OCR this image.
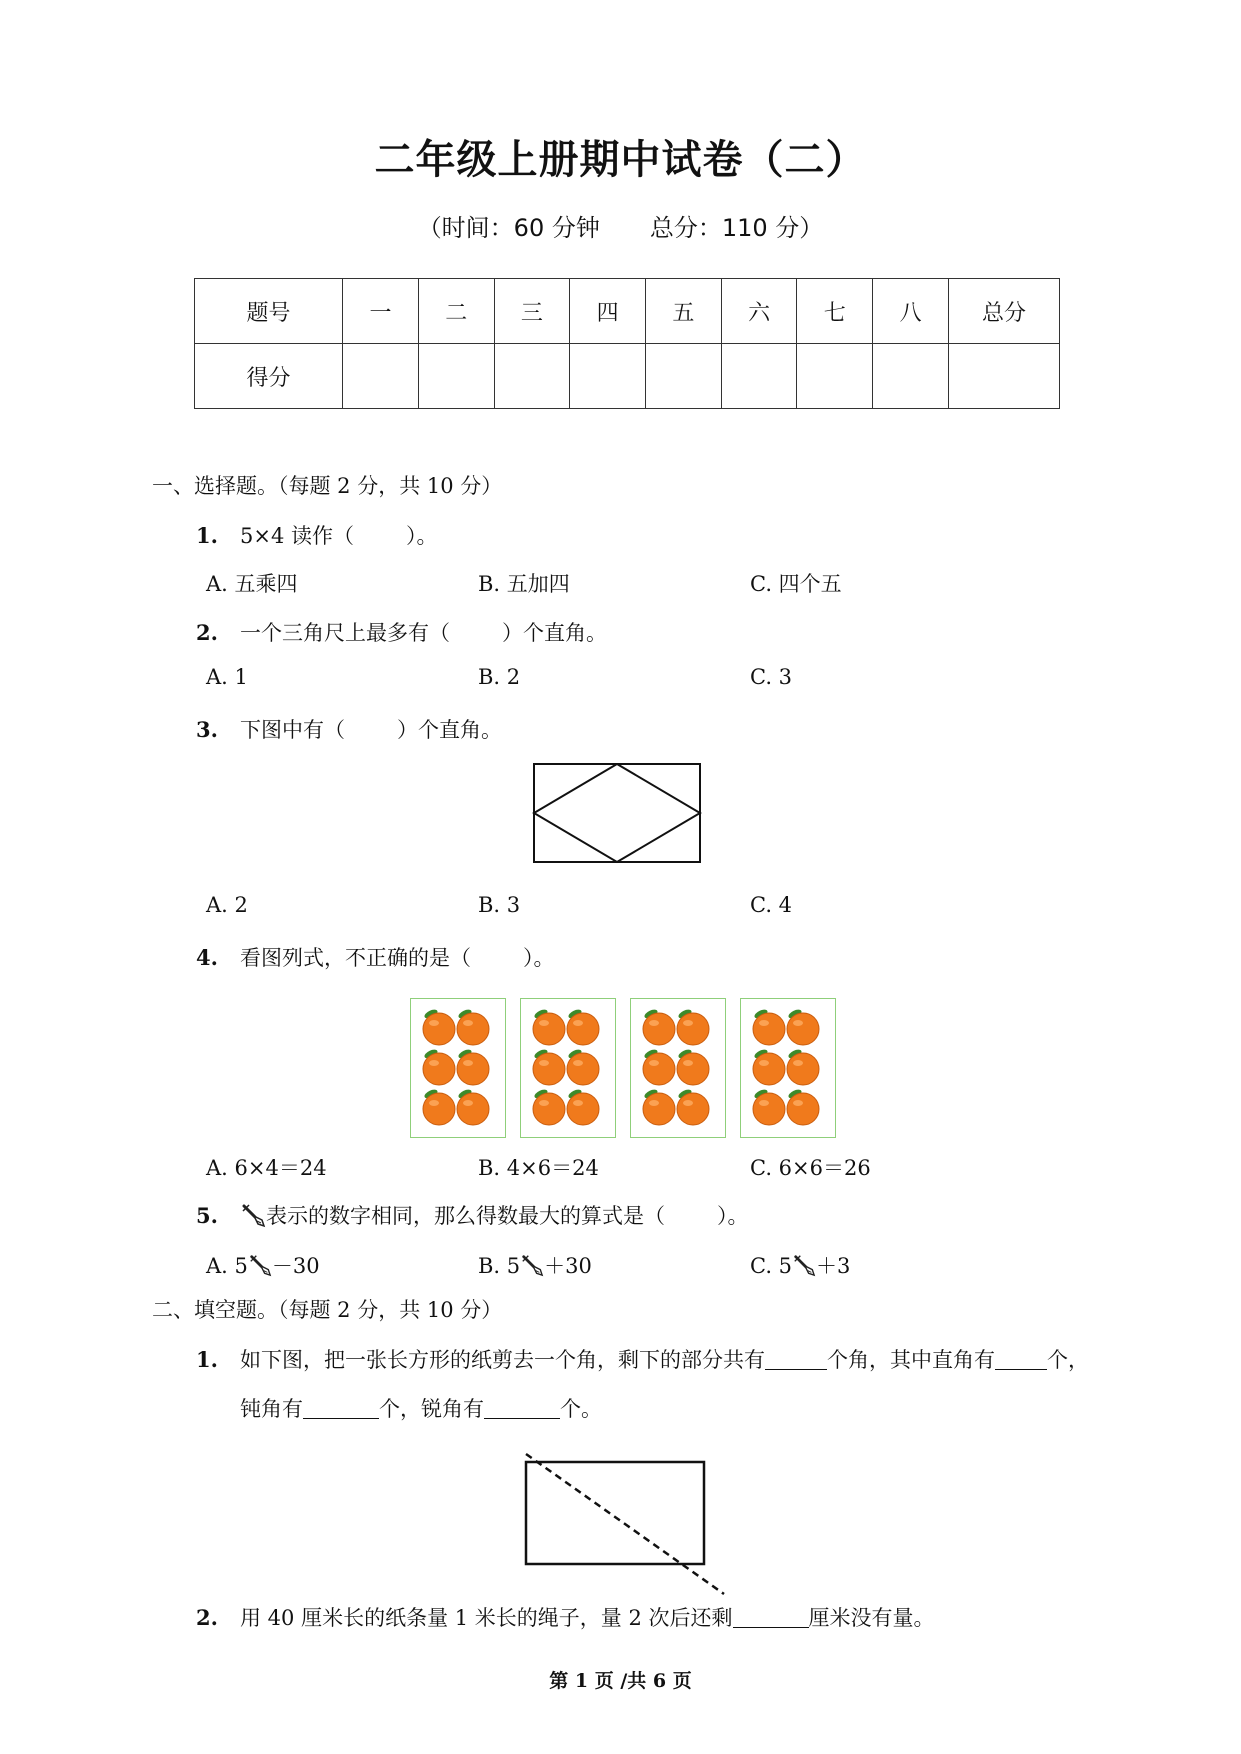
二年级上册期中试卷（二）
（时间：60 分钟 总分：110 分）
题号	一	二	三	四	五	六	七	八	总分
得分									
一、选择题。（每题 2 分，共 10 分）
1. 5×4 读作（ ）。
A. 五乘四	B. 五加四	C. 四个五
2. 一个三角尺上最多有（ ）个直角。
A. 1	B. 2	C. 3
3. 下图中有（ ）个直角。
A. 2	B. 3	C. 4
4. 看图列式，不正确的是（ ）。
A. 6×4＝24	B. 4×6＝24	C. 6×6＝26
5. 表示的数字相同，那么得数最大的算式是（ ）。
A. 5 －30	B. 5 ＋30	C. 5 ＋3
二、填空题。（每题 2 分，共 10 分）
1. 如下图，把一张长方形的纸剪去一个角，剩下的部分共有	个角，其中直角有 个，
钝角有	个，锐角有	个。
2. 用 40 厘米长的纸条量 1 米长的绳子，量 2 次后还剩	厘米没有量。
第 1 页 /共 6 页
